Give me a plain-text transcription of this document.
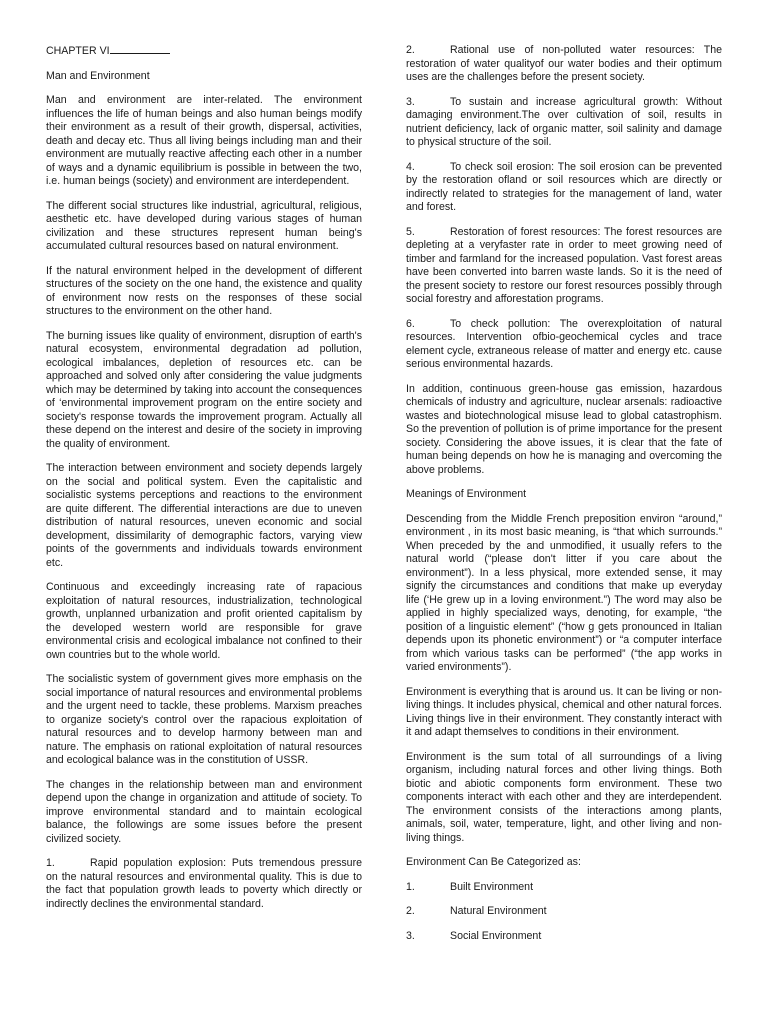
CHAPTER VI

Man and Environment

Man and environment are inter-related. The environment influences the life of human beings and also human beings modify their environment as a result of their growth, dispersal, activities, death and decay etc. Thus all living beings including man and their environment are mutually reactive affecting each other in a number of ways and a dynamic equilibrium is possible in between the two, i.e. human beings (society) and environment are interdependent.

The different social structures like industrial, agricultural, religious, aesthetic etc. have developed during various stages of human civilization and these structures represent human being's accumulated cultural resources based on natural environment.

If the natural environment helped in the development of different structures of the society on the one hand, the existence and quality of environment now rests on the responses of these social structures to the environment on the other hand.

The burning issues like quality of environment, disruption of earth's natural ecosystem, environmental degradation ad pollution, ecological imbalances, depletion of resources etc. can be approached and solved only after considering the value judgments which may be determined by taking into account the consequences of ‘environmental improvement program on the entire society and society's response towards the improvement program. Actually all these depend on the interest and desire of the society in improving the quality of environment.

The interaction between environment and society depends largely on the social and political system. Even the capitalistic and socialistic systems perceptions and reactions to the environment are quite different. The differential interactions are due to uneven distribution of natural resources, uneven economic and social development, dissimilarity of demographic factors, varying view points of the governments and individuals towards environment etc.

Continuous and exceedingly increasing rate of rapacious exploitation of natural resources, industrialization, technological growth, unplanned urbanization and profit oriented capitalism by the developed western world are responsible for grave environmental crisis and ecological imbalance not confined to their own countries but to the whole world.

The socialistic system of government gives more emphasis on the social importance of natural resources and environmental problems and the urgent need to tackle, these problems. Marxism preaches to organize society's control over the rapacious exploitation of natural resources and to develop harmony between man and nature. The emphasis on rational exploitation of natural resources and ecological balance was in the constitution of USSR.

The changes in the relationship between man and environment depend upon the change in organization and attitude of society. To improve environmental standard and to maintain ecological balance, the followings are some issues before the present civilized society.

1.	Rapid population explosion: Puts tremendous pressure on the natural resources and environmental quality. This is due to the fact that population growth leads to poverty which directly or indirectly declines the environmental standard.

2.	Rational use of non-polluted water resources: The restoration of water qualityof our water bodies and their optimum uses are the challenges before the present society.

3.	To sustain and increase agricultural growth: Without damaging environment.The over cultivation of soil, results in nutrient deficiency, lack of organic matter, soil salinity and damage to physical structure of the soil.

4.	To check soil erosion: The soil erosion can be prevented by the restoration ofland or soil resources which are directly or indirectly related to strategies for the management of land, water and forest.

5.	Restoration of forest resources: The forest resources are depleting at a veryfaster rate in order to meet growing need of timber and farmland for the increased population. Vast forest areas have been converted into barren waste lands. So it is the need of the present society to restore our forest resources possibly through social forestry and afforestation programs.

6.	To check pollution: The overexploitation of natural resources. Intervention ofbio-geochemical cycles and trace element cycle, extraneous release of matter and energy etc. cause serious environmental hazards.

In addition, continuous green-house gas emission, hazardous chemicals of industry and agriculture, nuclear arsenals: radioactive wastes and biotechnological misuse lead to global catastrophism. So the prevention of pollution is of prime importance for the present society. Considering the above issues, it is clear that the fate of human being depends on how he is managing and overcoming the above problems.

Meanings of Environment

Descending from the Middle French preposition environ “around,” environment , in its most basic meaning, is “that which surrounds.” When preceded by the and unmodified, it usually refers to the natural world (“please don't litter if you care about the environment”). In a less physical, more extended sense, it may signify the circumstances and conditions that make up everyday life (‘He grew up in a loving environment.”) The word may also be applied in highly specialized ways, denoting, for example, “the position of a linguistic element” (“how g gets pronounced in Italian depends upon its phonetic environment”) or “a computer interface from which various tasks can be performed” (“the app works in varied environments”).

Environment is everything that is around us. It can be living or non-living things. It includes physical, chemical and other natural forces. Living things live in their environment. They constantly interact with it and adapt themselves to conditions in their environment.

Environment is the sum total of all surroundings of a living organism, including natural forces and other living things. Both biotic and abiotic components form environment. These two components interact with each other and they are interdependent. The environment consists of the interactions among plants, animals, soil, water, temperature, light, and other living and non-living things.

Environment Can Be Categorized as:

1.	Built Environment
2.	Natural Environment
3.	Social Environment
